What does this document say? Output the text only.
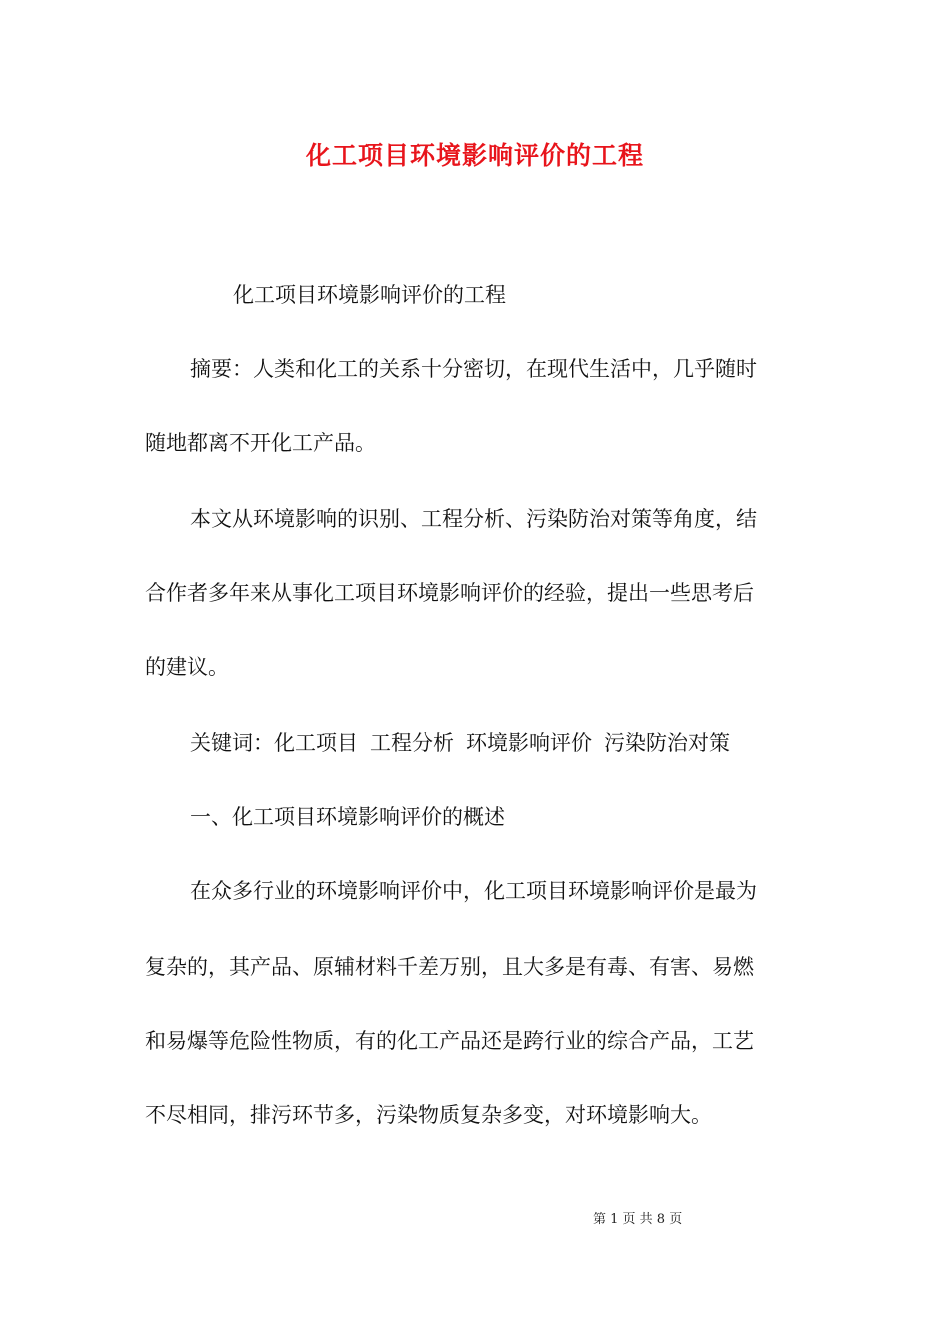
化工项目环境影响评价的工程
化工项目环境影响评价的工程
摘要：人类和化工的关系十分密切，在现代生活中，几乎随时
随地都离不开化工产品。
本文从环境影响的识别、工程分析、污染防治对策等角度，结
合作者多年来从事化工项目环境影响评价的经验，提出一些思考后
的建议。
关键词：化工项目 工程分析 环境影响评价 污染防治对策
一、化工项目环境影响评价的概述
在众多行业的环境影响评价中，化工项目环境影响评价是最为
复杂的，其产品、原辅材料千差万别，且大多是有毒、有害、易燃
和易爆等危险性物质，有的化工产品还是跨行业的综合产品，工艺
不尽相同，排污环节多，污染物质复杂多变，对环境影响大。
第 1 页 共 8 页
